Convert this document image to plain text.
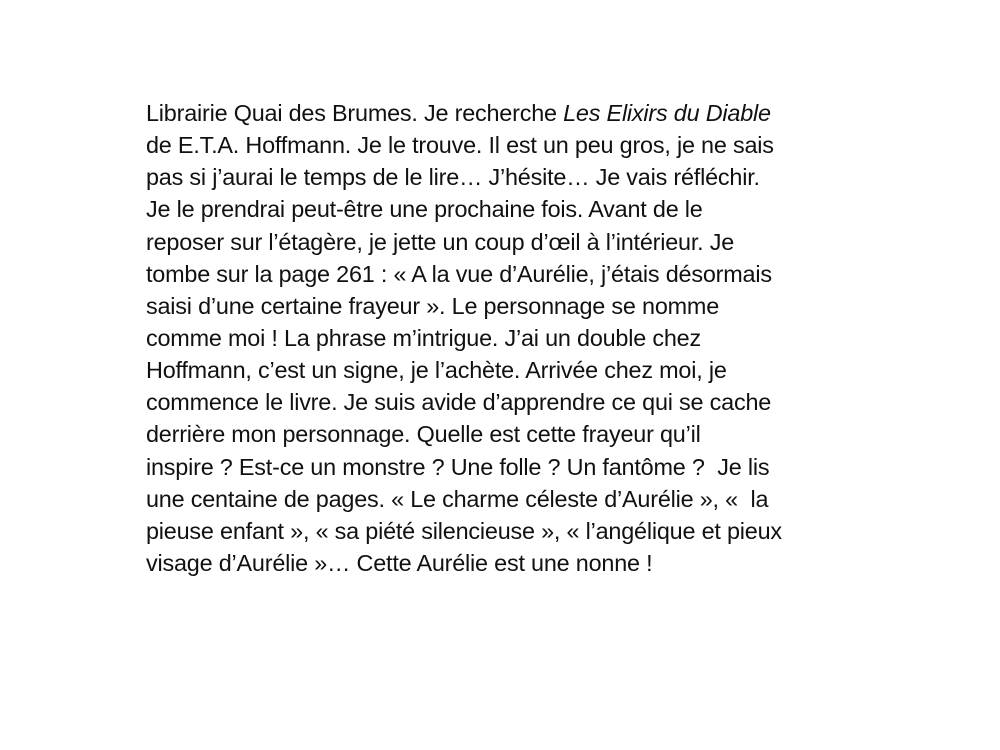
Librairie Quai des Brumes. Je recherche Les Elixirs du Diable
de E.T.A. Hoffmann. Je le trouve. Il est un peu gros, je ne sais
pas si j’aurai le temps de le lire… J’hésite… Je vais réfléchir.
Je le prendrai peut-être une prochaine fois. Avant de le
reposer sur l’étagère, je jette un coup d’œil à l’intérieur. Je
tombe sur la page 261 : « A la vue d’Aurélie, j’étais désormais
saisi d’une certaine frayeur ». Le personnage se nomme
comme moi ! La phrase m’intrigue. J’ai un double chez
Hoffmann, c’est un signe, je l’achète. Arrivée chez moi, je
commence le livre. Je suis avide d’apprendre ce qui se cache
derrière mon personnage. Quelle est cette frayeur qu’il
inspire ? Est-ce un monstre ? Une folle ? Un fantôme ?  Je lis
une centaine de pages. « Le charme céleste d’Aurélie », «  la
pieuse enfant », « sa piété silencieuse », « l’angélique et pieux
visage d’Aurélie »… Cette Aurélie est une nonne !
